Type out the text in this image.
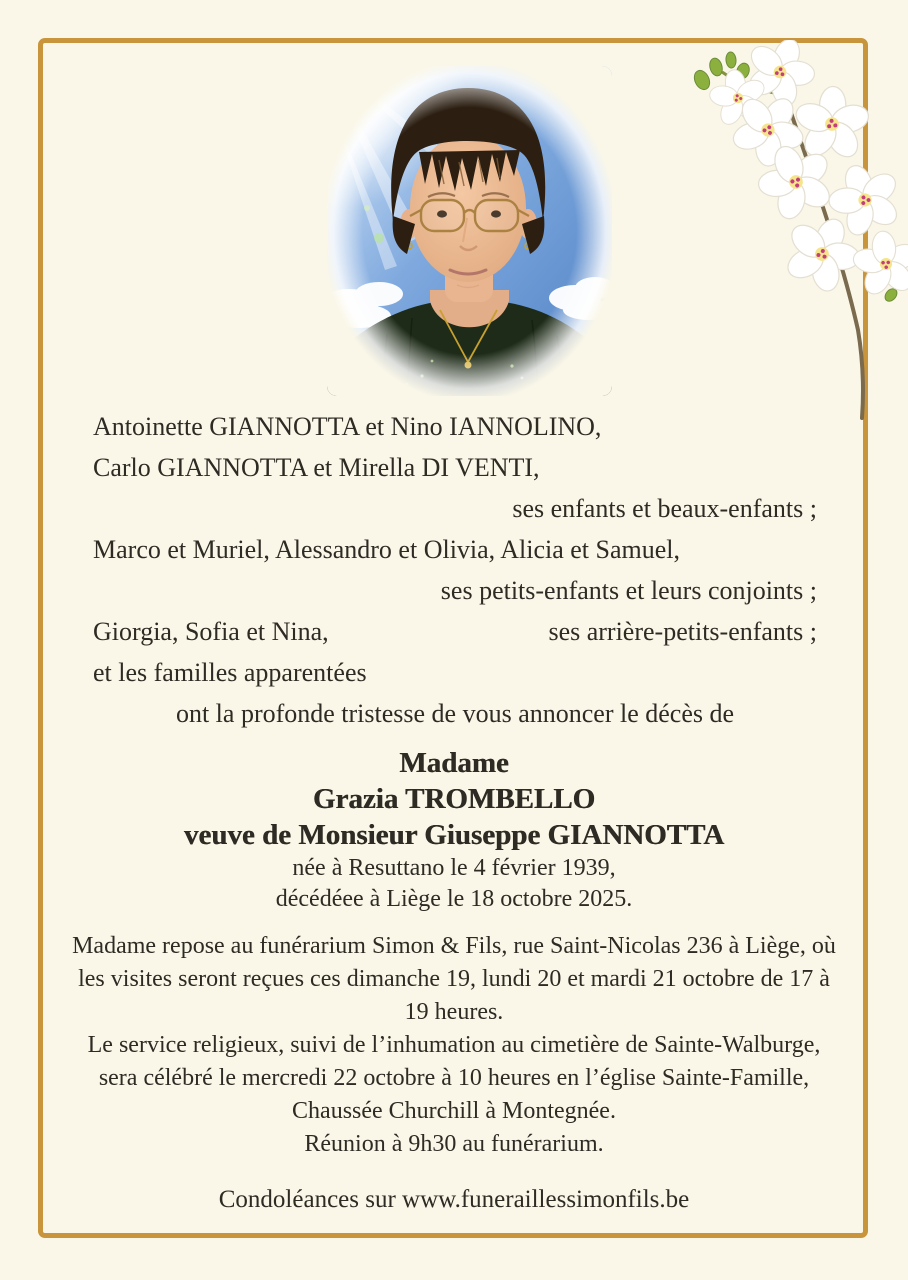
Antoinette GIANNOTTA et Nino IANNOLINO,
Carlo GIANNOTTA et Mirella DI VENTI,
ses enfants et beaux-enfants ;
Marco et Muriel, Alessandro et Olivia, Alicia et Samuel,
ses petits-enfants et leurs conjoints ;
Giorgia, Sofia et Nina,	ses arrière-petits-enfants ;
et les familles apparentées
ont la profonde tristesse de vous annoncer le décès de
Madame
Grazia TROMBELLO
veuve de Monsieur Giuseppe GIANNOTTA
née à Resuttano le 4 février 1939,
décédéee à Liège le 18 octobre 2025.
Madame repose au funérarium Simon & Fils, rue Saint-Nicolas 236 à Liège, où les visites seront reçues ces dimanche 19, lundi 20 et mardi 21 octobre de 17 à 19 heures.
Le service religieux, suivi de l’inhumation au cimetière de Sainte-Walburge, sera célébré le mercredi 22 octobre à 10 heures en l’église Sainte-Famille, Chaussée Churchill à Montegnée.
Réunion à 9h30 au funérarium.
Condoléances sur www.funeraillessimonfils.be
